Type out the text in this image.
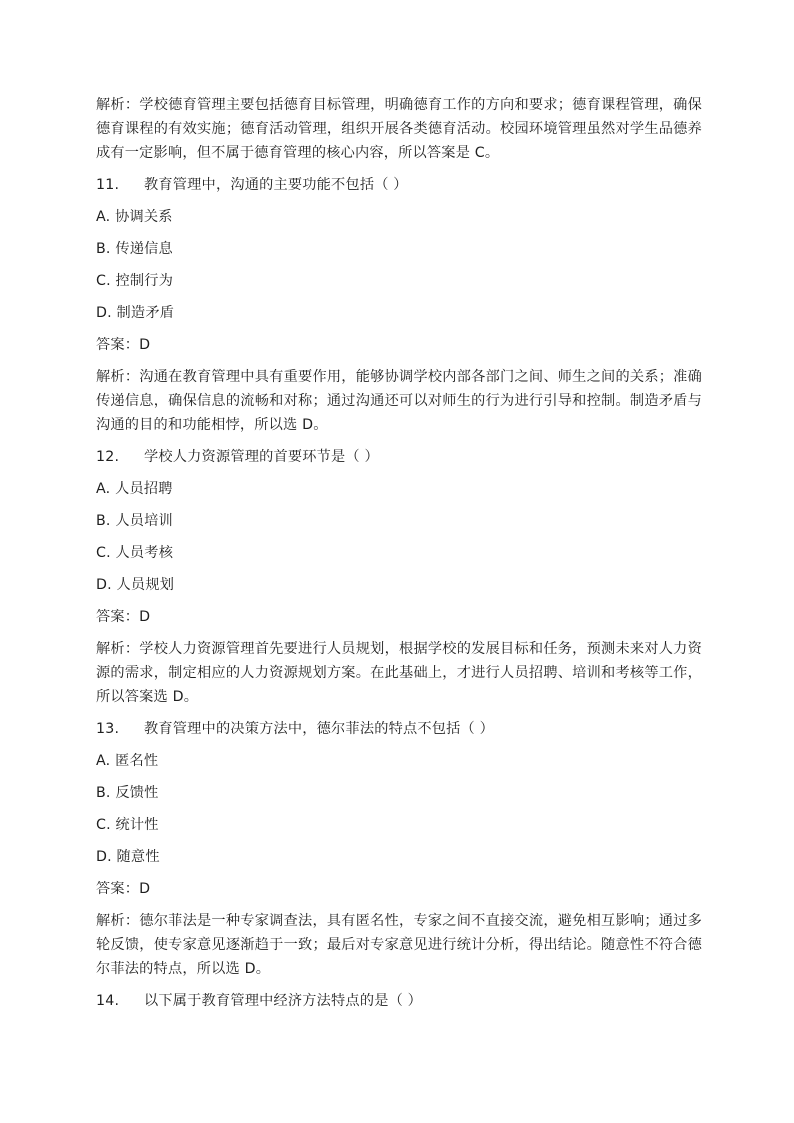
解析：学校德育管理主要包括德育目标管理，明确德育工作的方向和要求；德育课程管理，确保德育课程的有效实施；德育活动管理，组织开展各类德育活动。校园环境管理虽然对学生品德养成有一定影响，但不属于德育管理的核心内容，所以答案是 C。

11. 教育管理中，沟通的主要功能不包括（ ）
A. 协调关系
B. 传递信息
C. 控制行为
D. 制造矛盾
答案：D

解析：沟通在教育管理中具有重要作用，能够协调学校内部各部门之间、师生之间的关系；准确传递信息，确保信息的流畅和对称；通过沟通还可以对师生的行为进行引导和控制。制造矛盾与沟通的目的和功能相悖，所以选 D。

12. 学校人力资源管理的首要环节是（ ）
A. 人员招聘
B. 人员培训
C. 人员考核
D. 人员规划
答案：D

解析：学校人力资源管理首先要进行人员规划，根据学校的发展目标和任务，预测未来对人力资源的需求，制定相应的人力资源规划方案。在此基础上，才进行人员招聘、培训和考核等工作，所以答案选 D。

13. 教育管理中的决策方法中，德尔菲法的特点不包括（ ）
A. 匿名性
B. 反馈性
C. 统计性
D. 随意性
答案：D

解析：德尔菲法是一种专家调查法，具有匿名性，专家之间不直接交流，避免相互影响；通过多轮反馈，使专家意见逐渐趋于一致；最后对专家意见进行统计分析，得出结论。随意性不符合德尔菲法的特点，所以选 D。

14. 以下属于教育管理中经济方法特点的是（ ）
